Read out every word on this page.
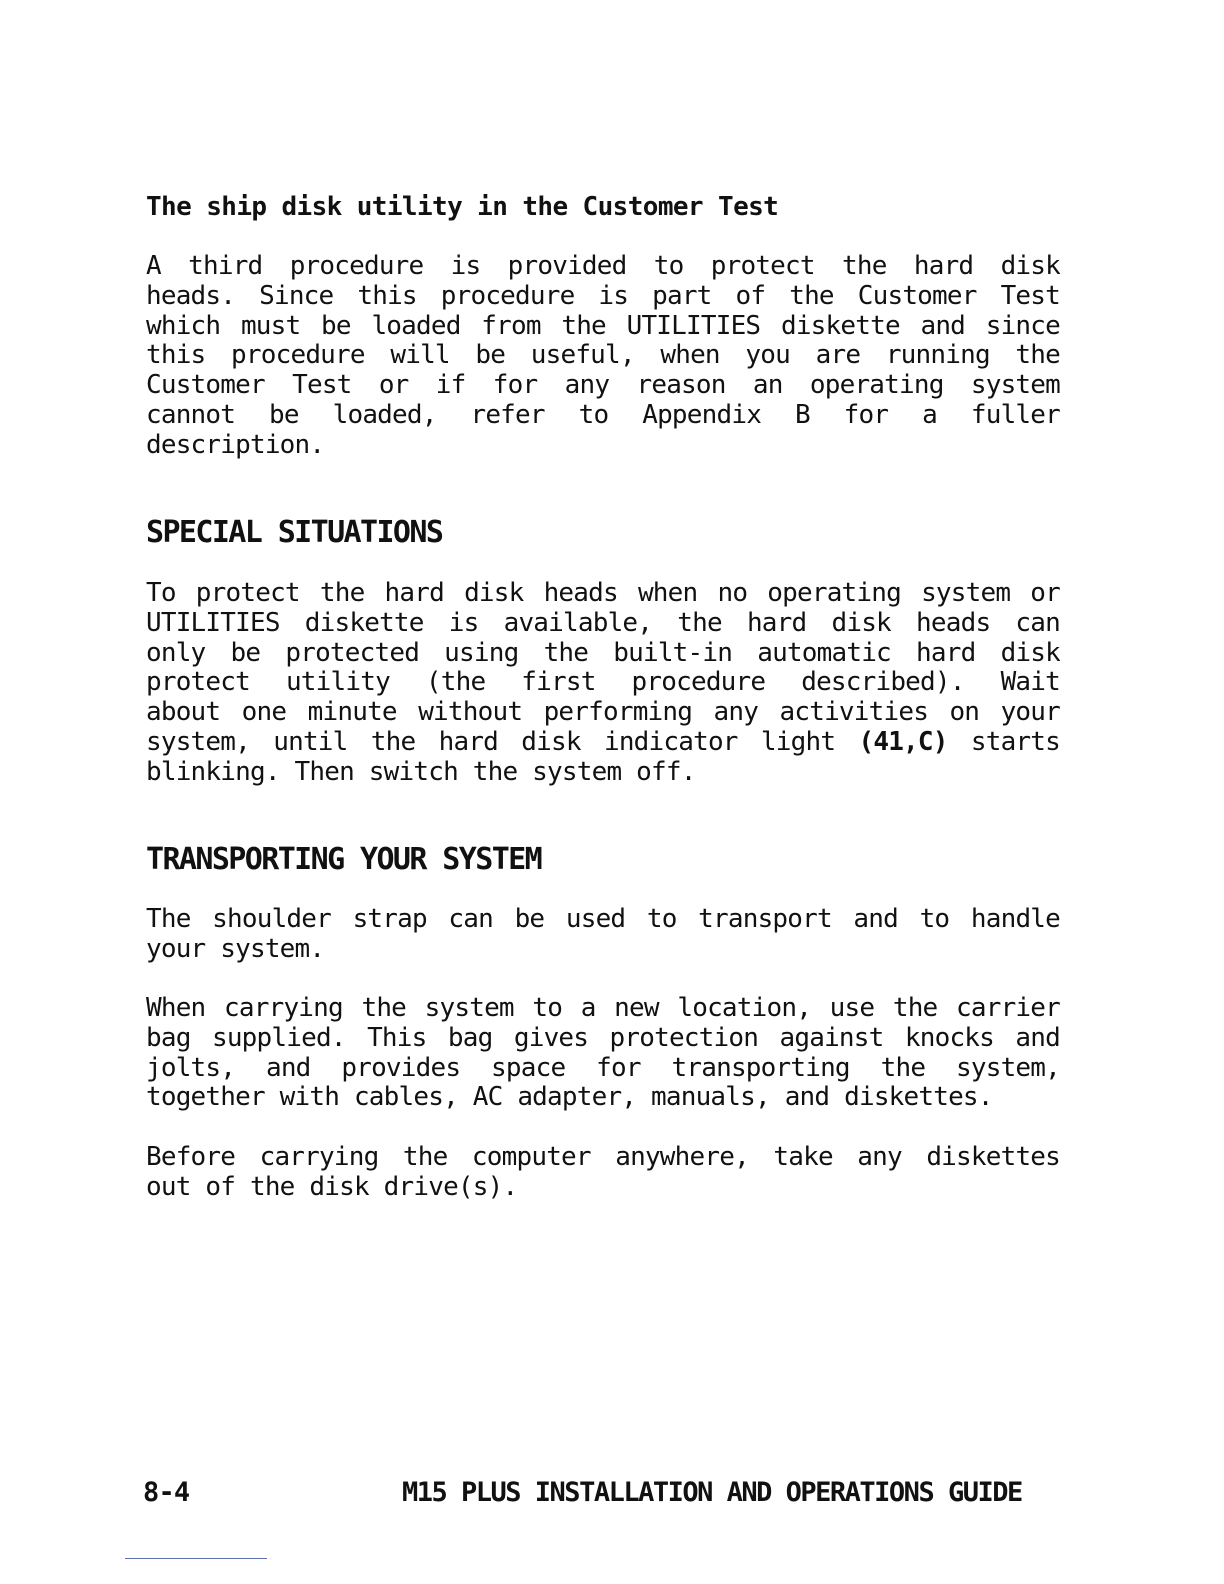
The ship disk utility in the Customer Test
A third procedure is provided to protect the hard disk
heads. Since this procedure is part of the Customer Test
which must be loaded from the UTILITIES diskette and since
this procedure will be useful, when you are running the
Customer Test or if for any reason an operating system
cannot be loaded, refer to Appendix B for a fuller
description.
SPECIAL SITUATIONS
To protect the hard disk heads when no operating system or
UTILITIES diskette is available, the hard disk heads can
only be protected using the built-in automatic hard disk
protect utility (the first procedure described). Wait
about one minute without performing any activities on your
system, until the hard disk indicator light (41,C) starts
blinking. Then switch the system off.
TRANSPORTING YOUR SYSTEM
The shoulder strap can be used to transport and to handle
your system.
When carrying the system to a new location, use the carrier
bag supplied. This bag gives protection against knocks and
jolts, and provides space for transporting the system,
together with cables, AC adapter, manuals, and diskettes.
Before carrying the computer anywhere, take any diskettes
out of the disk drive(s).
8-4	M15 PLUS INSTALLATION AND OPERATIONS GUIDE
